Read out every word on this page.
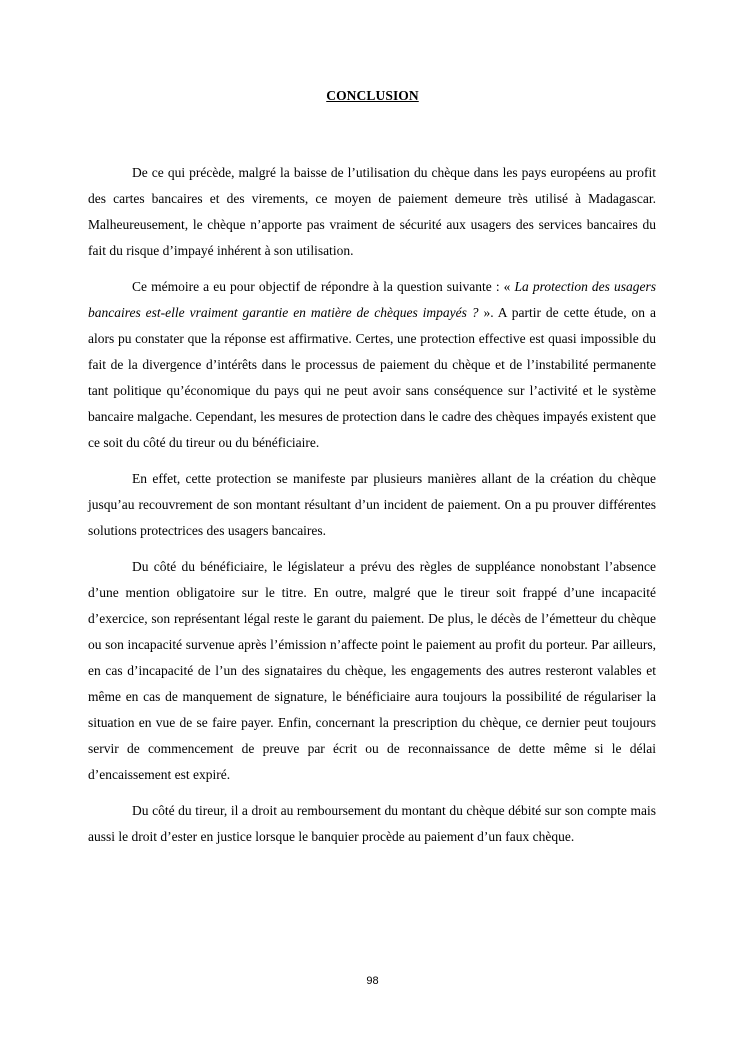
CONCLUSION

De ce qui précède, malgré la baisse de l’utilisation du chèque dans les pays européens au profit des cartes bancaires et des virements, ce moyen de paiement demeure très utilisé à Madagascar. Malheureusement, le chèque n’apporte pas vraiment de sécurité aux usagers des services bancaires du fait du risque d’impayé inhérent à son utilisation.

Ce mémoire a eu pour objectif de répondre à la question suivante : « La protection des usagers bancaires est-elle vraiment garantie en matière de chèques impayés ? ». A partir de cette étude, on a alors pu constater que la réponse est affirmative. Certes, une protection effective est quasi impossible du fait de la divergence d’intérêts dans le processus de paiement du chèque et de l’instabilité permanente tant politique qu’économique du pays qui ne peut avoir sans conséquence sur l’activité et le système bancaire malgache. Cependant, les mesures de protection dans le cadre des chèques impayés existent que ce soit du côté du tireur ou du bénéficiaire.

En effet, cette protection se manifeste par plusieurs manières allant de la création du chèque jusqu’au recouvrement de son montant résultant d’un incident de paiement. On a pu prouver différentes solutions protectrices des usagers bancaires.

Du côté du bénéficiaire, le législateur a prévu des règles de suppléance nonobstant l’absence d’une mention obligatoire sur le titre. En outre, malgré que le tireur soit frappé d’une incapacité d’exercice, son représentant légal reste le garant du paiement. De plus, le décès de l’émetteur du chèque ou son incapacité survenue après l’émission n’affecte point le paiement au profit du porteur. Par ailleurs, en cas d’incapacité de l’un des signataires du chèque, les engagements des autres resteront valables et même en cas de manquement de signature, le bénéficiaire aura toujours la possibilité de régulariser la situation en vue de se faire payer. Enfin, concernant la prescription du chèque, ce dernier peut toujours servir de commencement de preuve par écrit ou de reconnaissance de dette même si le délai d’encaissement est expiré.

Du côté du tireur, il a droit au remboursement du montant du chèque débité sur son compte mais aussi le droit d’ester en justice lorsque le banquier procède au paiement d’un faux chèque.

98
